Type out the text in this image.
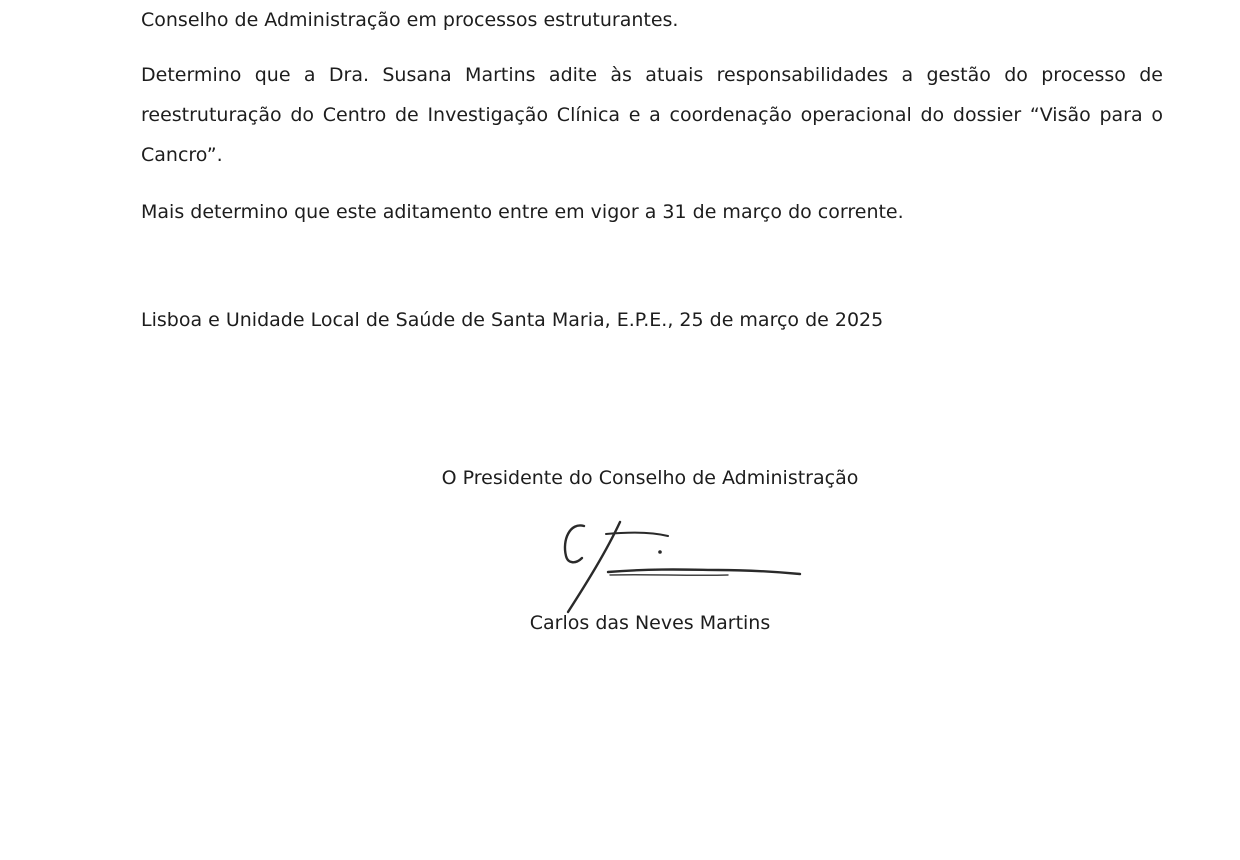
Conselho de Administração em processos estruturantes.

Determino que a Dra. Susana Martins adite às atuais responsabilidades a gestão do processo de reestruturação do Centro de Investigação Clínica e a coordenação operacional do dossier “Visão para o Cancro”.

Mais determino que este aditamento entre em vigor a 31 de março do corrente.

Lisboa e Unidade Local de Saúde de Santa Maria, E.P.E., 25 de março de 2025

O Presidente do Conselho de Administração

Carlos das Neves Martins
